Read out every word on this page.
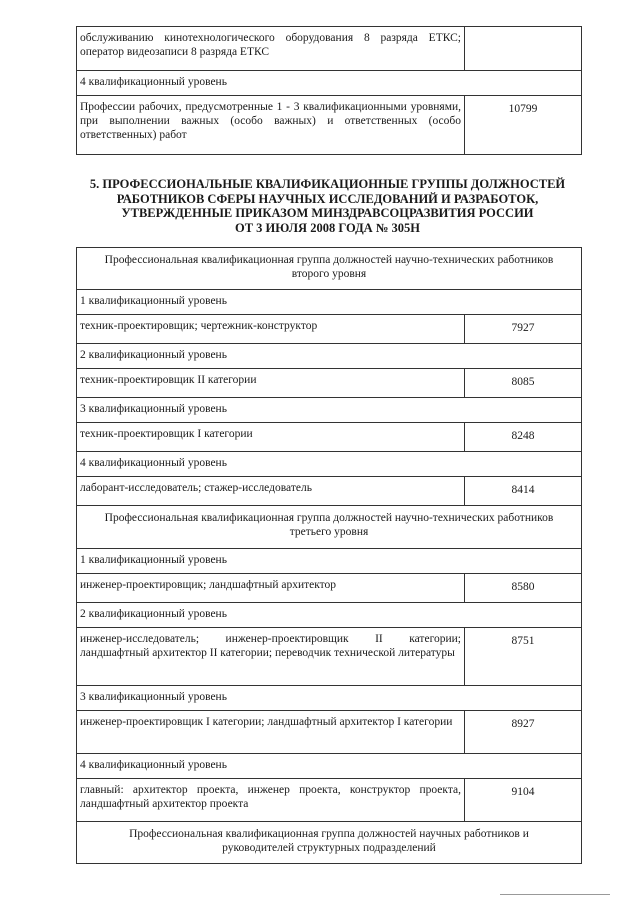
обслуживанию кинотехнологического оборудования 8 разряда ЕТКС; оператор видеозаписи 8 разряда ЕТКС	
4 квалификационный уровень	
Профессии рабочих, предусмотренные 1 - 3 квалификационными уровнями, при выполнении важных (особо важных) и ответственных (особо ответственных) работ	10799
5. ПРОФЕССИОНАЛЬНЫЕ КВАЛИФИКАЦИОННЫЕ ГРУППЫ ДОЛЖНОСТЕЙ
РАБОТНИКОВ СФЕРЫ НАУЧНЫХ ИССЛЕДОВАНИЙ И РАЗРАБОТОК,
УТВЕРЖДЕННЫЕ ПРИКАЗОМ МИНЗДРАВСОЦРАЗВИТИЯ РОССИИ
ОТ 3 ИЮЛЯ 2008 ГОДА № 305Н
Профессиональная квалификационная группа должностей научно-технических работников второго уровня	
1 квалификационный уровень	
техник-проектировщик; чертежник-конструктор	7927
2 квалификационный уровень	
техник-проектировщик II категории	8085
3 квалификационный уровень	
техник-проектировщик I категории	8248
4 квалификационный уровень	
лаборант-исследователь; стажер-исследователь	8414
Профессиональная квалификационная группа должностей научно-технических работников третьего уровня	
1 квалификационный уровень	
инженер-проектировщик; ландшафтный архитектор	8580
2 квалификационный уровень	
инженер-исследователь; инженер-проектировщик II категории; ландшафтный архитектор II категории; переводчик технической литературы	8751
3 квалификационный уровень	
инженер-проектировщик I категории; ландшафтный архитектор I категории	8927
4 квалификационный уровень	
главный: архитектор проекта, инженер проекта, конструктор проекта, ландшафтный архитектор проекта	9104
Профессиональная квалификационная группа должностей научных работников и руководителей структурных подразделений	
